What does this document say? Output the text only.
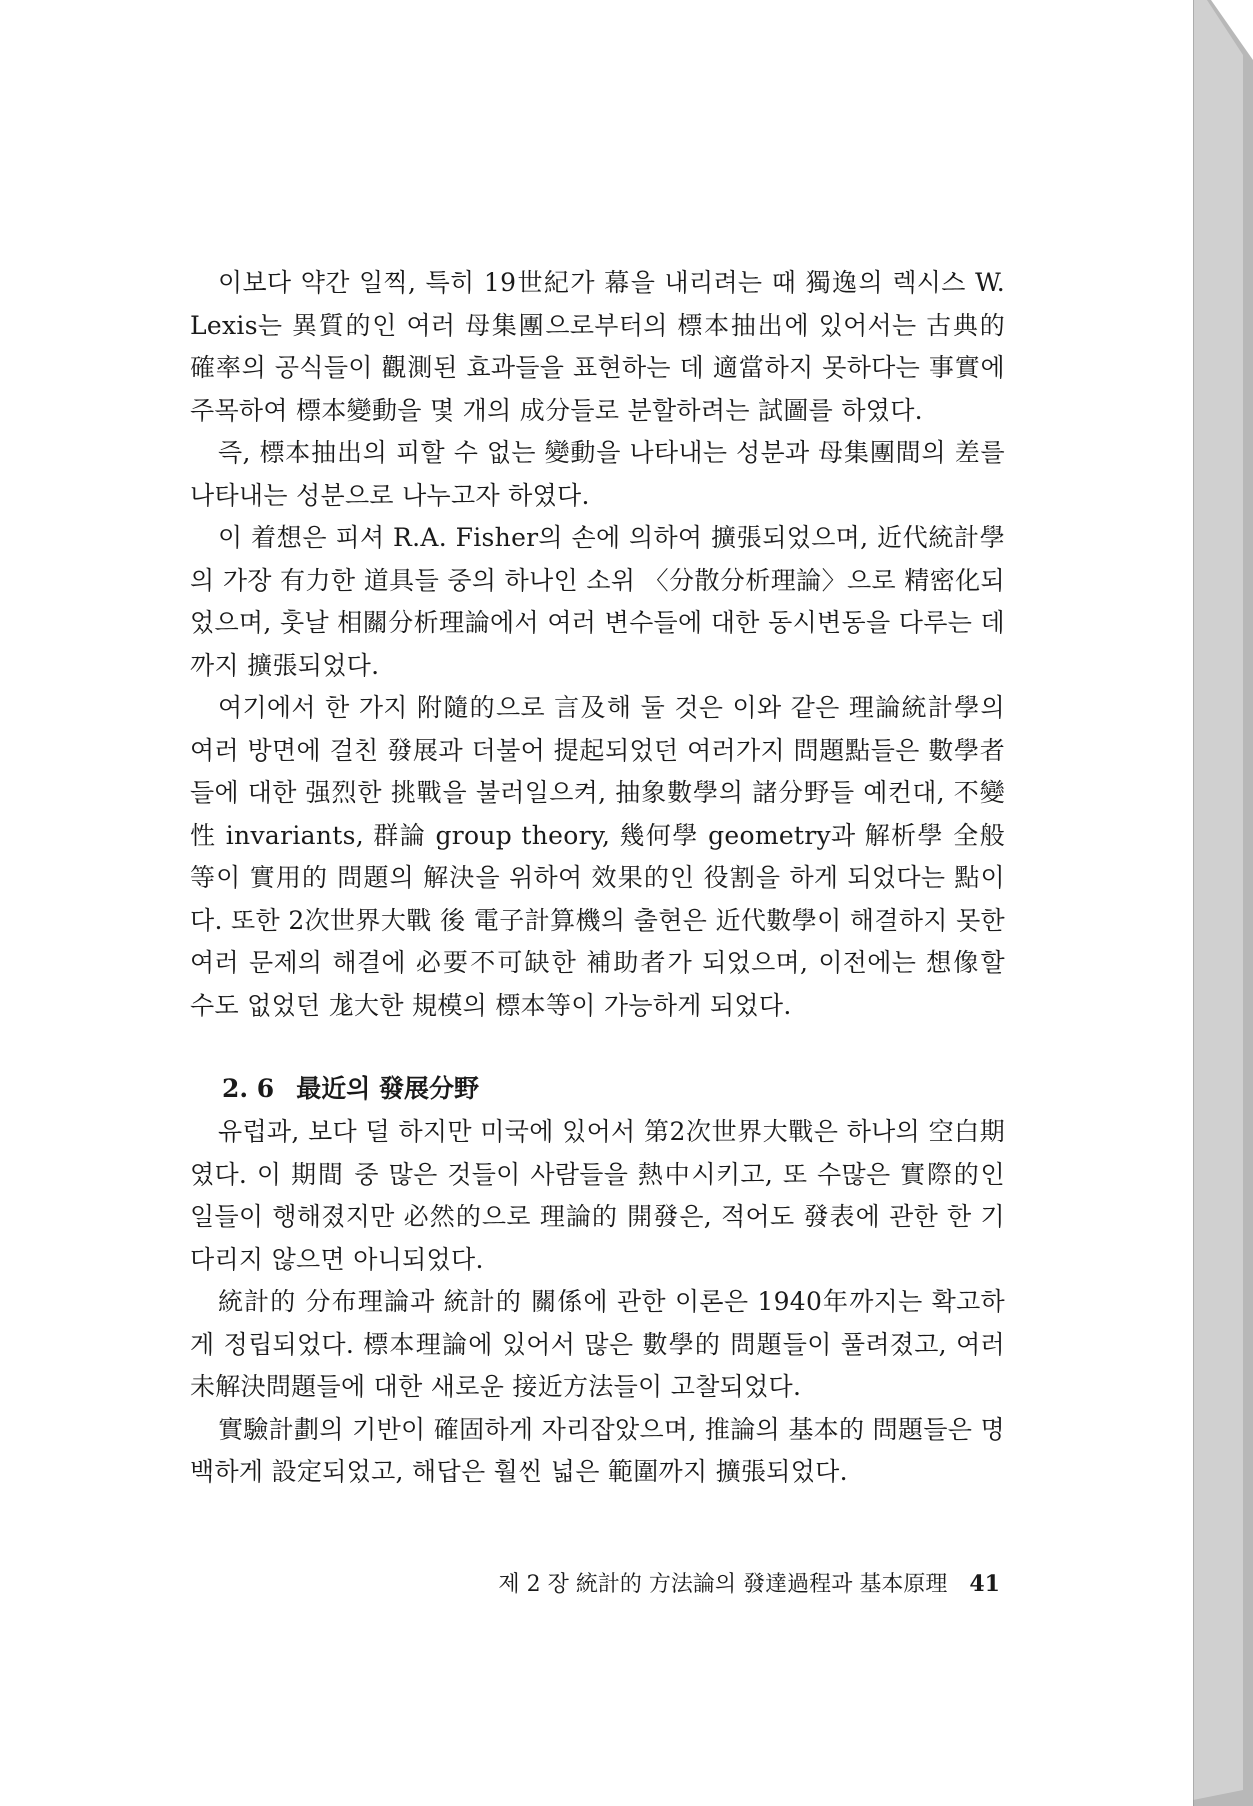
이보다 약간 일찍, 특히 19世紀가 幕을 내리려는 때 獨逸의 렉시스 W. Lexis는 異質的인 여러 母集團으로부터의 標本抽出에 있어서는 古典的 確率의 공식들이 觀測된 효과들을 표현하는 데 適當하지 못하다는 事實에 주목하여 標本變動을 몇 개의 成分들로 분할하려는 試圖를 하였다.

즉, 標本抽出의 피할 수 없는 變動을 나타내는 성분과 母集團間의 差를 나타내는 성분으로 나누고자 하였다.

이 着想은 피셔 R.A. Fisher의 손에 의하여 擴張되었으며, 近代統計學의 가장 有力한 道具들 중의 하나인 소위 〈分散分析理論〉으로 精密化되었으며, 훗날 相關分析理論에서 여러 변수들에 대한 동시변동을 다루는 데까지 擴張되었다.

여기에서 한 가지 附隨的으로 言及해 둘 것은 이와 같은 理論統計學의 여러 방면에 걸친 發展과 더불어 提起되었던 여러가지 問題點들은 數學者들에 대한 强烈한 挑戰을 불러일으켜, 抽象數學의 諸分野들 예컨대, 不變性 invariants, 群論 group theory, 幾何學 geometry과 解析學 全般 等이 實用的 問題의 解決을 위하여 效果的인 役割을 하게 되었다는 點이다. 또한 2次世界大戰 後 電子計算機의 출현은 近代數學이 해결하지 못한 여러 문제의 해결에 必要不可缺한 補助者가 되었으며, 이전에는 想像할 수도 없었던 尨大한 規模의 標本等이 가능하게 되었다.

2. 6 最近의 發展分野

유럽과, 보다 덜 하지만 미국에 있어서 第2次世界大戰은 하나의 空白期였다. 이 期間 중 많은 것들이 사람들을 熱中시키고, 또 수많은 實際的인 일들이 행해졌지만 必然的으로 理論的 開發은, 적어도 發表에 관한 한 기다리지 않으면 아니되었다.

統計的 分布理論과 統計的 關係에 관한 이론은 1940年까지는 확고하게 정립되었다. 標本理論에 있어서 많은 數學的 問題들이 풀려졌고, 여러 未解決問題들에 대한 새로운 接近方法들이 고찰되었다.

實驗計劃의 기반이 確固하게 자리잡았으며, 推論의 基本的 問題들은 명백하게 設定되었고, 해답은 훨씬 넓은 範圍까지 擴張되었다.

제 2 장 統計的 方法論의 發達過程과 基本原理 41
